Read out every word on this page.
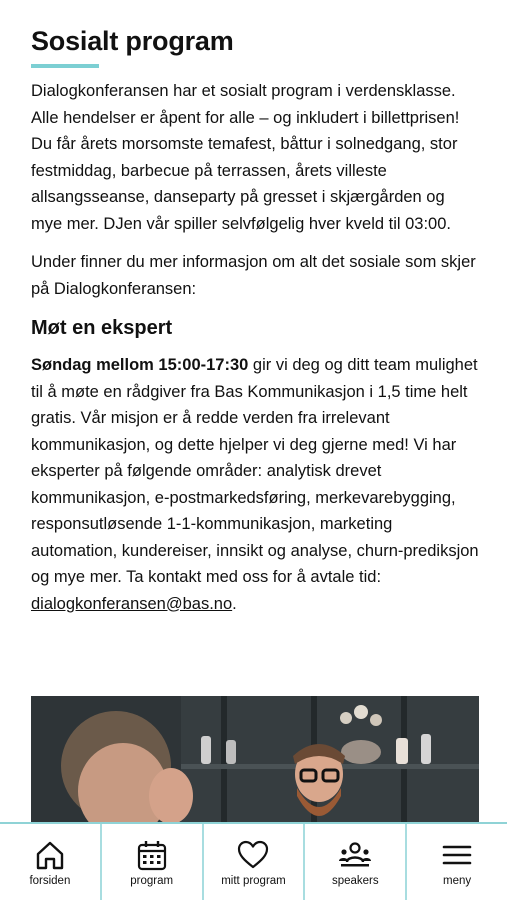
Sosialt program

Dialogkonferansen har et sosialt program i verdensklasse. Alle hendelser er åpent for alle – og inkludert i billettprisen! Du får årets morsomste temafest, båttur i solnedgang, stor festmiddag, barbecue på terrassen, årets villeste allsangsseanse, danseparty på gresset i skjærgården og mye mer. DJen vår spiller selvfølgelig hver kveld til 03:00.

Under finner du mer informasjon om alt det sosiale som skjer på Dialogkonferansen:

Møt en ekspert

Søndag mellom 15:00-17:30 gir vi deg og ditt team mulighet til å møte en rådgiver fra Bas Kommunikasjon i 1,5 time helt gratis. Vår misjon er å redde verden fra irrelevant kommunikasjon, og dette hjelper vi deg gjerne med! Vi har eksperter på følgende områder: analytisk drevet kommunikasjon, e-postmarkedsføring, merkevarebygging, responsutløsende 1-1-kommunikasjon, marketing automation, kundereiser, innsikt og analyse, churn-prediksjon og mye mer. Ta kontakt med oss for å avtale tid: dialogkonferansen@bas.no.

forsiden	program	mitt program	speakers	meny
